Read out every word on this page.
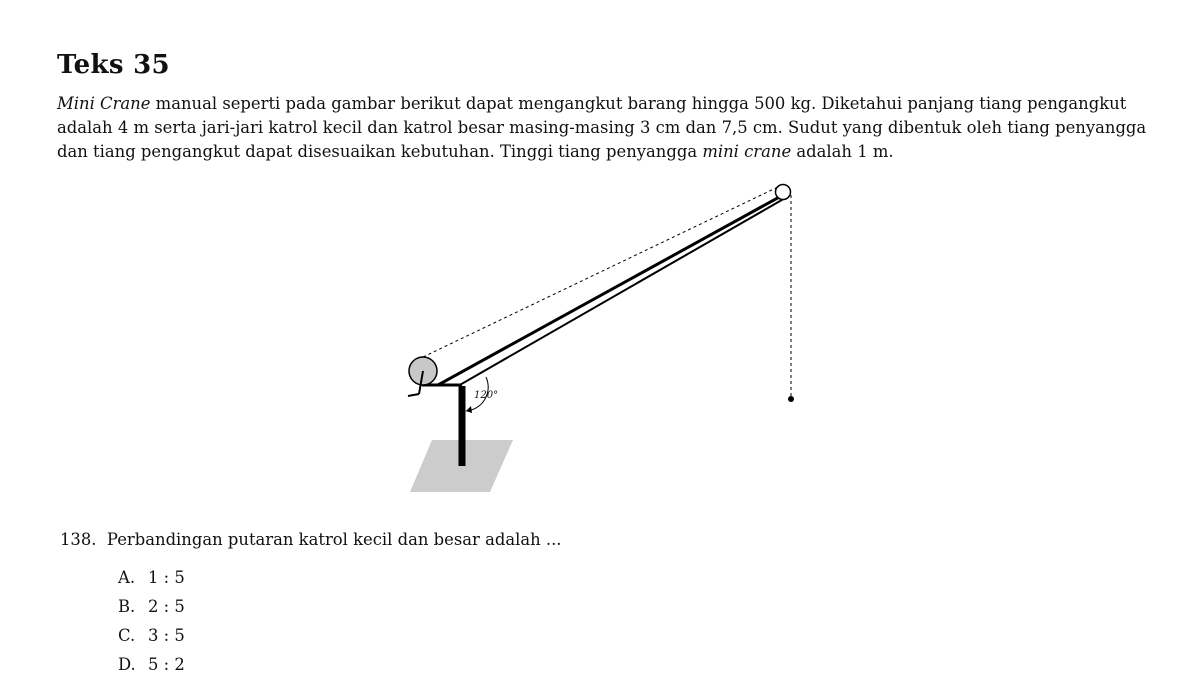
Teks 35

Mini Crane manual seperti pada gambar berikut dapat mengangkut barang hingga 500 kg. Diketahui panjang tiang pengangkut adalah 4 m serta jari-jari katrol kecil dan katrol besar masing-masing 3 cm dan 7,5 cm. Sudut yang dibentuk oleh tiang penyangga dan tiang pengangkut dapat disesuaikan kebutuhan. Tinggi tiang penyangga mini crane adalah 1 m.

120°

138. Perbandingan putaran katrol kecil dan besar adalah ...

A. 1 : 5
B. 2 : 5
C. 3 : 5
D. 5 : 2
